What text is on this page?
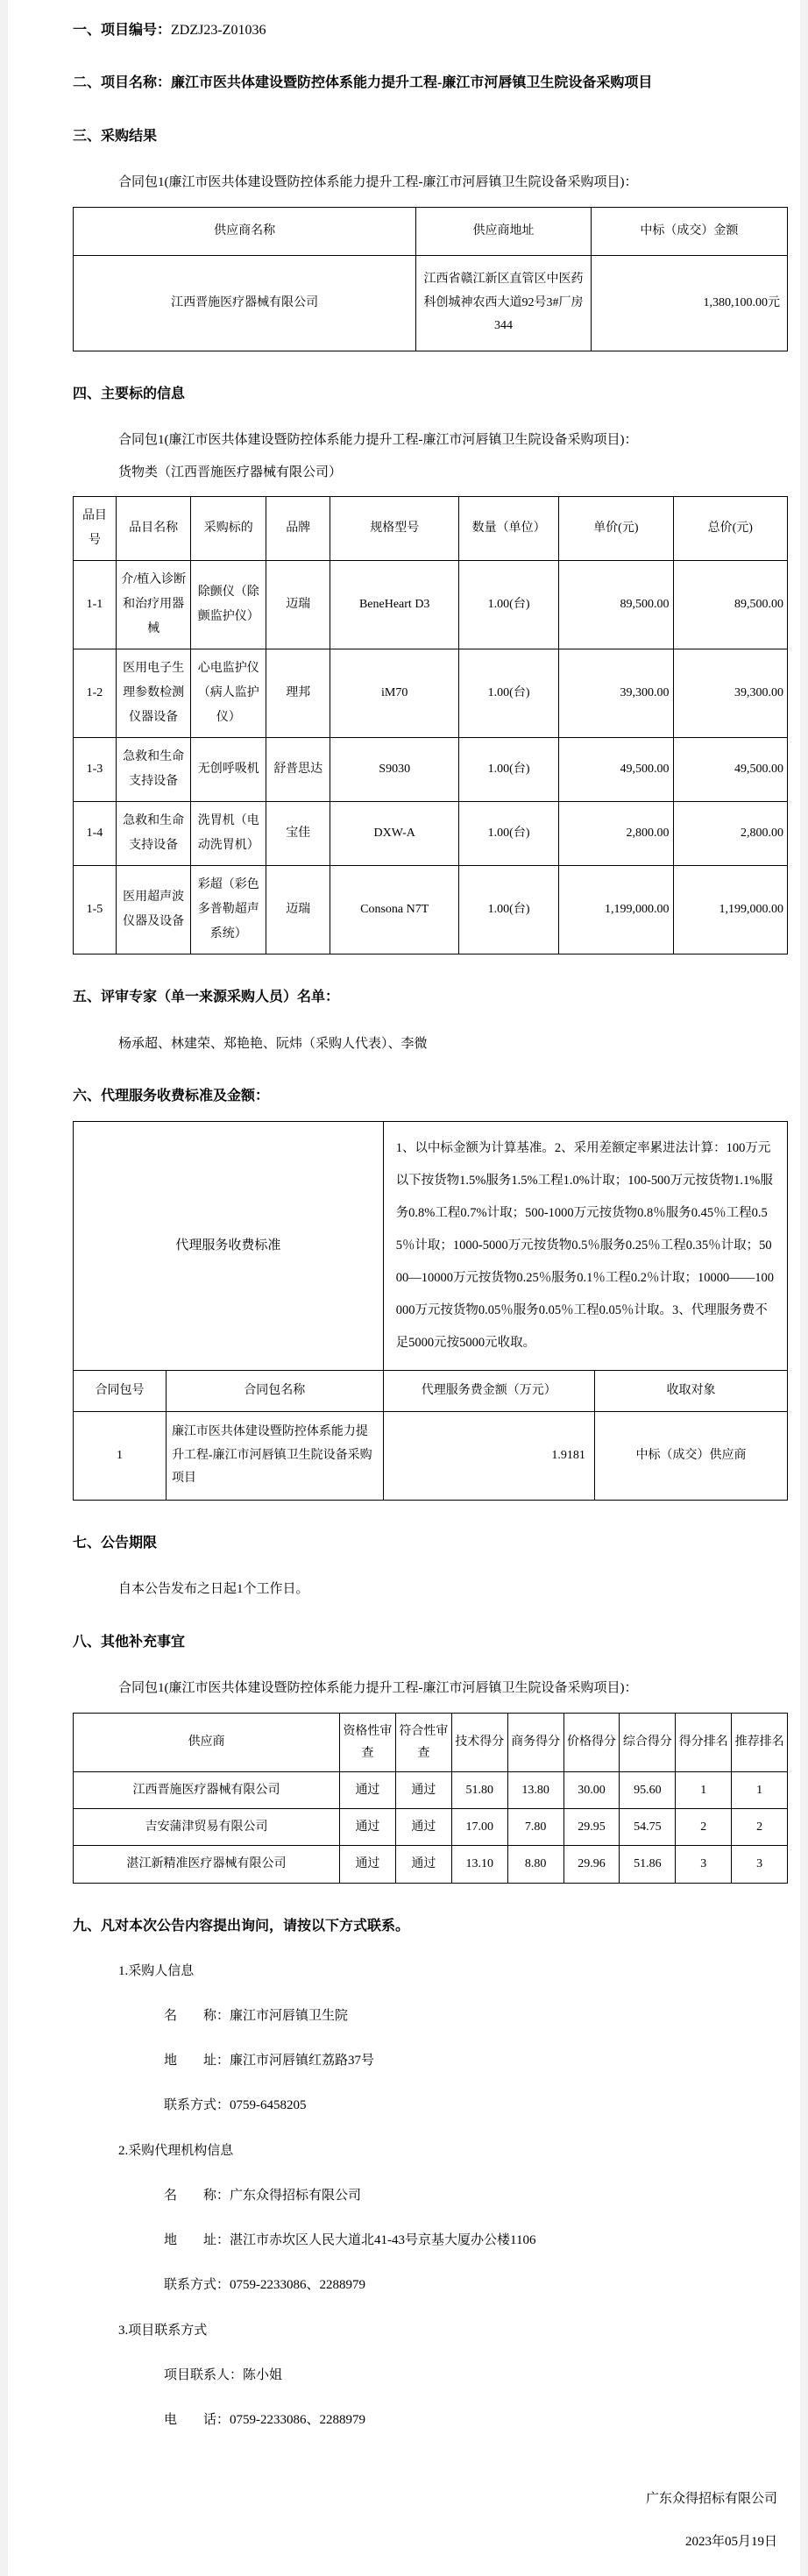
一、项目编号：ZDZJ23-Z01036
二、项目名称：廉江市医共体建设暨防控体系能力提升工程-廉江市河唇镇卫生院设备采购项目
三、采购结果
合同包1(廉江市医共体建设暨防控体系能力提升工程-廉江市河唇镇卫生院设备采购项目)：
供应商名称	供应商地址	中标（成交）金额
江西晋施医疗器械有限公司	江西省赣江新区直管区中医药科创城神农西大道92号3#厂房344	1,380,100.00元
四、主要标的信息
合同包1(廉江市医共体建设暨防控体系能力提升工程-廉江市河唇镇卫生院设备采购项目)：
货物类（江西晋施医疗器械有限公司）
品目号	品目名称	采购标的	品牌	规格型号	数量（单位）	单价(元)	总价(元)
1-1	介/植入诊断和治疗用器械	除颤仪（除颤监护仪）	迈瑞	BeneHeart D3	1.00(台)	89,500.00	89,500.00
1-2	医用电子生理参数检测仪器设备	心电监护仪（病人监护仪）	理邦	iM70	1.00(台)	39,300.00	39,300.00
1-3	急救和生命支持设备	无创呼吸机	舒普思达	S9030	1.00(台)	49,500.00	49,500.00
1-4	急救和生命支持设备	洗胃机（电动洗胃机）	宝佳	DXW-A	1.00(台)	2,800.00	2,800.00
1-5	医用超声波仪器及设备	彩超（彩色多普勒超声系统）	迈瑞	Consona N7T	1.00(台)	1,199,000.00	1,199,000.00
五、评审专家（单一来源采购人员）名单：
杨承超、林建荣、郑艳艳、阮炜（采购人代表）、李微
六、代理服务收费标准及金额：
代理服务收费标准		1、以中标金额为计算基准。2、采用差额定率累进法计算：100万元以下按货物1.5%服务1.5%工程1.0%计取；100-500万元按货物1.1%服务0.8%工程0.7%计取；500-1000万元按货物0.8％服务0.45％工程0.55％计取；1000-5000万元按货物0.5％服务0.25％工程0.35％计取；5000—10000万元按货物0.25％服务0.1％工程0.2％计取；10000——100000万元按货物0.05％服务0.05％工程0.05％计取。3、代理服务费不足5000元按5000元收取。	
合同包号	合同包名称	代理服务费金额（万元）	收取对象
1	廉江市医共体建设暨防控体系能力提升工程-廉江市河唇镇卫生院设备采购项目	1.9181	中标（成交）供应商
七、公告期限
自本公告发布之日起1个工作日。
八、其他补充事宜
合同包1(廉江市医共体建设暨防控体系能力提升工程-廉江市河唇镇卫生院设备采购项目)：
供应商	资格性审查	符合性审查	技术得分	商务得分	价格得分	综合得分	得分排名	推荐排名
江西晋施医疗器械有限公司	通过	通过	51.80	13.80	30.00	95.60	1	1
吉安蒲津贸易有限公司	通过	通过	17.00	7.80	29.95	54.75	2	2
湛江新精准医疗器械有限公司	通过	通过	13.10	8.80	29.96	51.86	3	3
九、凡对本次公告内容提出询问，请按以下方式联系。
1.采购人信息
名　　称：廉江市河唇镇卫生院
地　　址：廉江市河唇镇红荔路37号
联系方式：0759-6458205
2.采购代理机构信息
名　　称：广东众得招标有限公司
地　　址：湛江市赤坎区人民大道北41-43号京基大厦办公楼1106
联系方式：0759-2233086、2288979
3.项目联系方式
项目联系人：陈小姐
电　　话：0759-2233086、2288979
广东众得招标有限公司
2023年05月19日
